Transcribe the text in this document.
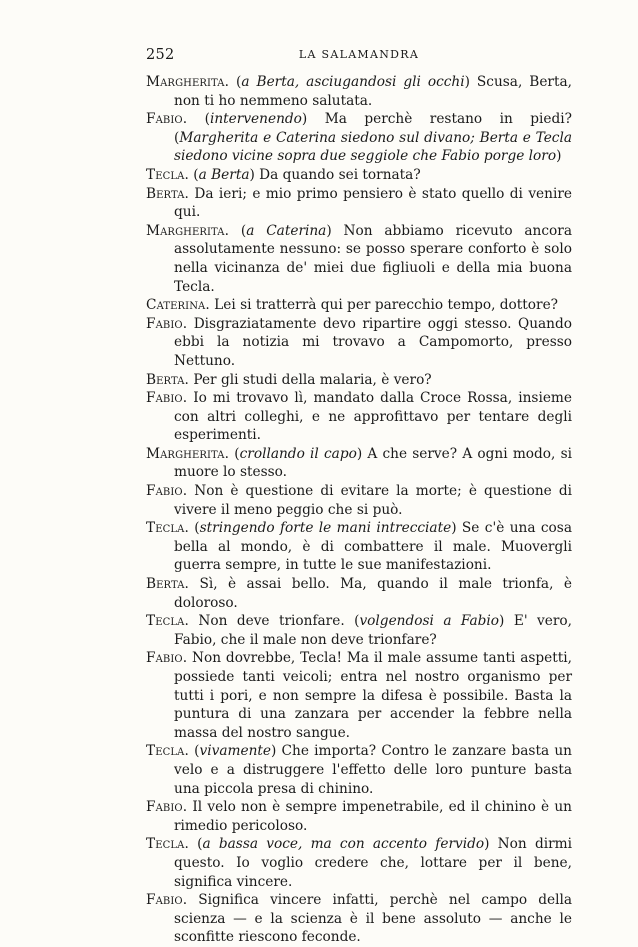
252	LA SALAMANDRA

Margherita. (a Berta, asciugandosi gli occhi) Scusa, Berta, non ti ho nemmeno salutata.

Fabio. (intervenendo) Ma perchè restano in piedi? (Margherita e Caterina siedono sul divano; Berta e Tecla siedono vicine sopra due seggiole che Fabio porge loro)

Tecla. (a Berta) Da quando sei tornata?

Berta. Da ieri; e mio primo pensiero è stato quello di venire qui.

Margherita. (a Caterina) Non abbiamo ricevuto ancora assolutamente nessuno: se posso sperare conforto è solo nella vicinanza de' miei due figliuoli e della mia buona Tecla.

Caterina. Lei si tratterrà qui per parecchio tempo, dottore?

Fabio. Disgraziatamente devo ripartire oggi stesso. Quando ebbi la notizia mi trovavo a Campomorto, presso Nettuno.

Berta. Per gli studi della malaria, è vero?

Fabio. Io mi trovavo lì, mandato dalla Croce Rossa, insieme con altri colleghi, e ne approfittavo per tentare degli esperimenti.

Margherita. (crollando il capo) A che serve? A ogni modo, si muore lo stesso.

Fabio. Non è questione di evitare la morte; è questione di vivere il meno peggio che si può.

Tecla. (stringendo forte le mani intrecciate) Se c'è una cosa bella al mondo, è di combattere il male. Muovergli guerra sempre, in tutte le sue manifestazioni.

Berta. Sì, è assai bello. Ma, quando il male trionfa, è doloroso.

Tecla. Non deve trionfare. (volgendosi a Fabio) E' vero, Fabio, che il male non deve trionfare?

Fabio. Non dovrebbe, Tecla! Ma il male assume tanti aspetti, possiede tanti veicoli; entra nel nostro organismo per tutti i pori, e non sempre la difesa è possibile. Basta la puntura di una zanzara per accender la febbre nella massa del nostro sangue.

Tecla. (vivamente) Che importa? Contro le zanzare basta un velo e a distruggere l'effetto delle loro punture basta una piccola presa di chinino.

Fabio. Il velo non è sempre impenetrabile, ed il chinino è un rimedio pericoloso.

Tecla. (a bassa voce, ma con accento fervido) Non dirmi questo. Io voglio credere che, lottare per il bene, significa vincere.

Fabio. Significa vincere infatti, perchè nel campo della scienza — e la scienza è il bene assoluto — anche le sconfitte riescono feconde.
